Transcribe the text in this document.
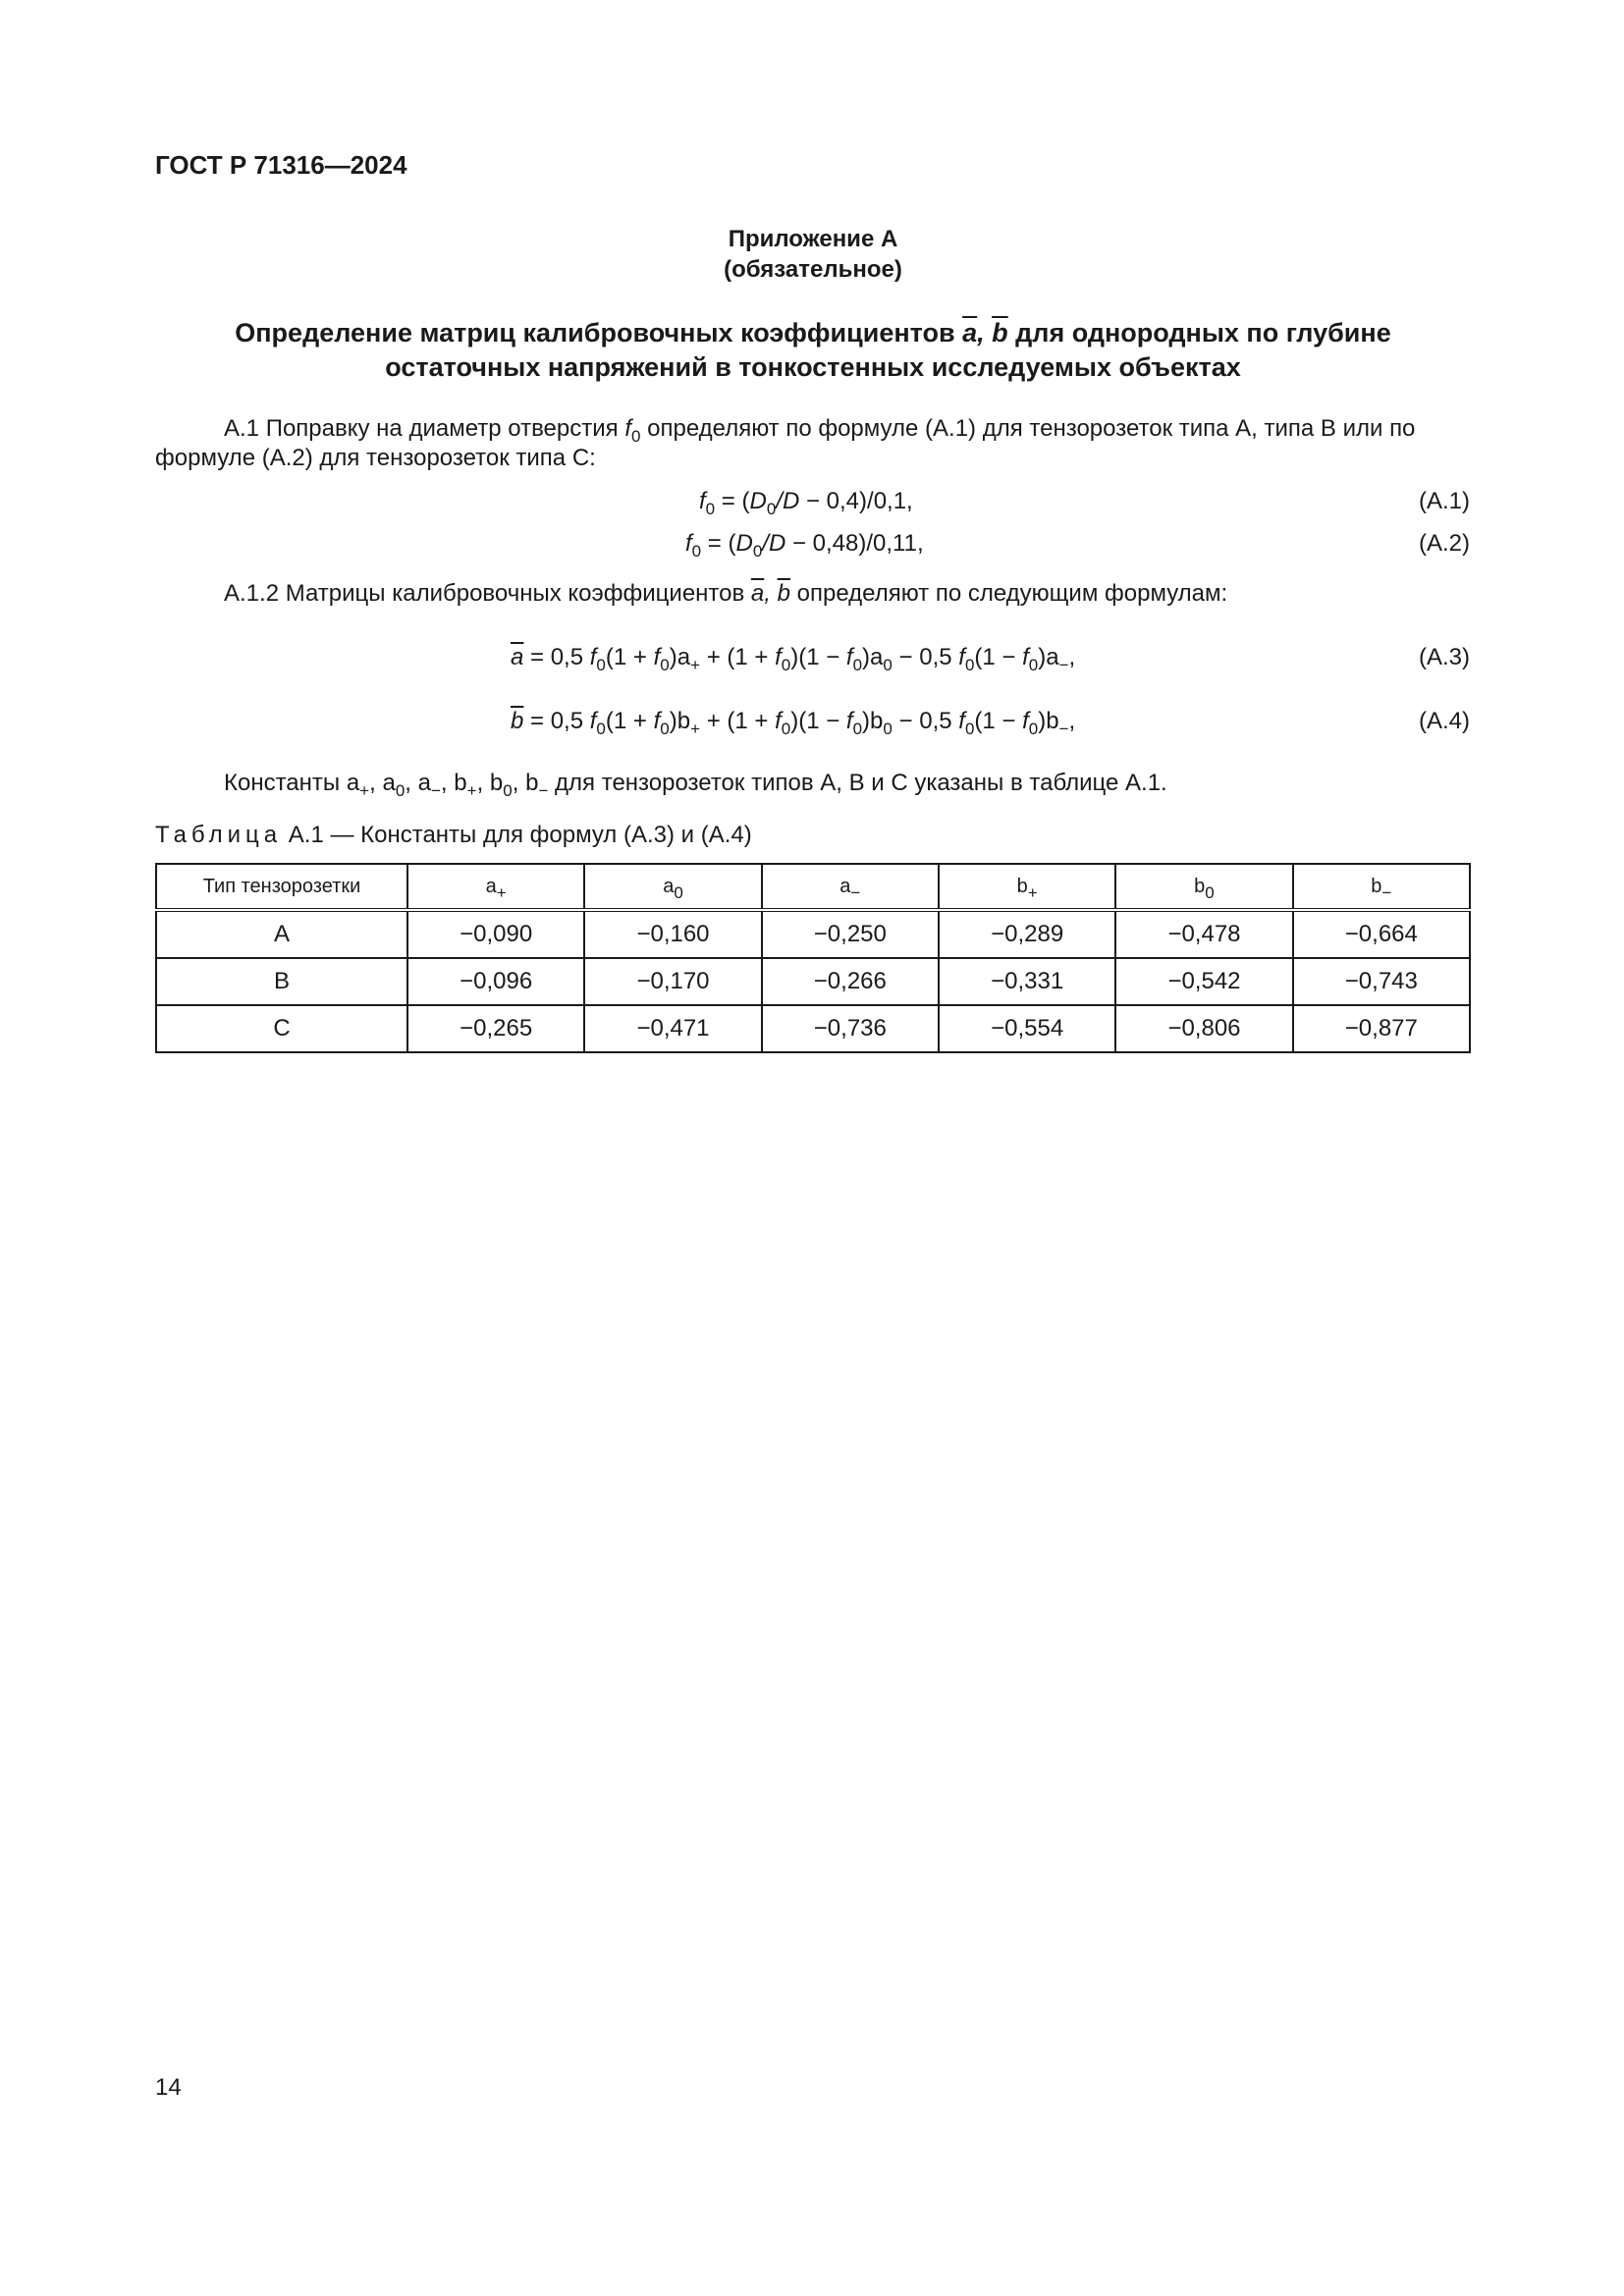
ГОСТ Р 71316—2024
Приложение А
(обязательное)
Определение матриц калибровочных коэффициентов $\overline{a}$, $\overline{b}$ для однородных по глубине
остаточных напряжений в тонкостенных исследуемых объектах
А.1 Поправку на диаметр отверстия $f_0$ определяют по формуле (А.1) для тензорозеток типа А, типа В или по формуле (А.2) для тензорозеток типа С:
$f_0 = (D_0/D - 0,4)/0,1$,	(А.1)
$f_0 = (D_0/D - 0,48)/0,11$,	(А.2)
А.1.2 Матрицы калибровочных коэффициентов $\overline{a}$, $\overline{b}$ определяют по следующим формулам:
$\overline{a} = 0,5$ $f_0(1 + f_0)a_+ + (1 + f_0)(1 - f_0)a_0 - 0,5$ $f_0(1 - f_0)a_-$,	(А.3)
$\overline{b} = 0,5$ $f_0(1 + f_0)b_+ + (1 + f_0)(1 - f_0)b_0 - 0,5$ $f_0(1 - f_0)b_-$,	(А.4)
Константы $a_+$, $a_0$, $a_-$, $b_+$, $b_0$, $b_-$ для тензорозеток типов А, В и С указаны в таблице А.1.
Таблица А.1 — Константы для формул (А.3) и (А.4)
Тип тензорозетки	$a_+$	$a_0$	$a_-$	$b_+$	$b_0$	$b_-$
А	−0,090	−0,160	−0,250	−0,289	−0,478	−0,664
В	−0,096	−0,170	−0,266	−0,331	−0,542	−0,743
С	−0,265	−0,471	−0,736	−0,554	−0,806	−0,877
14
